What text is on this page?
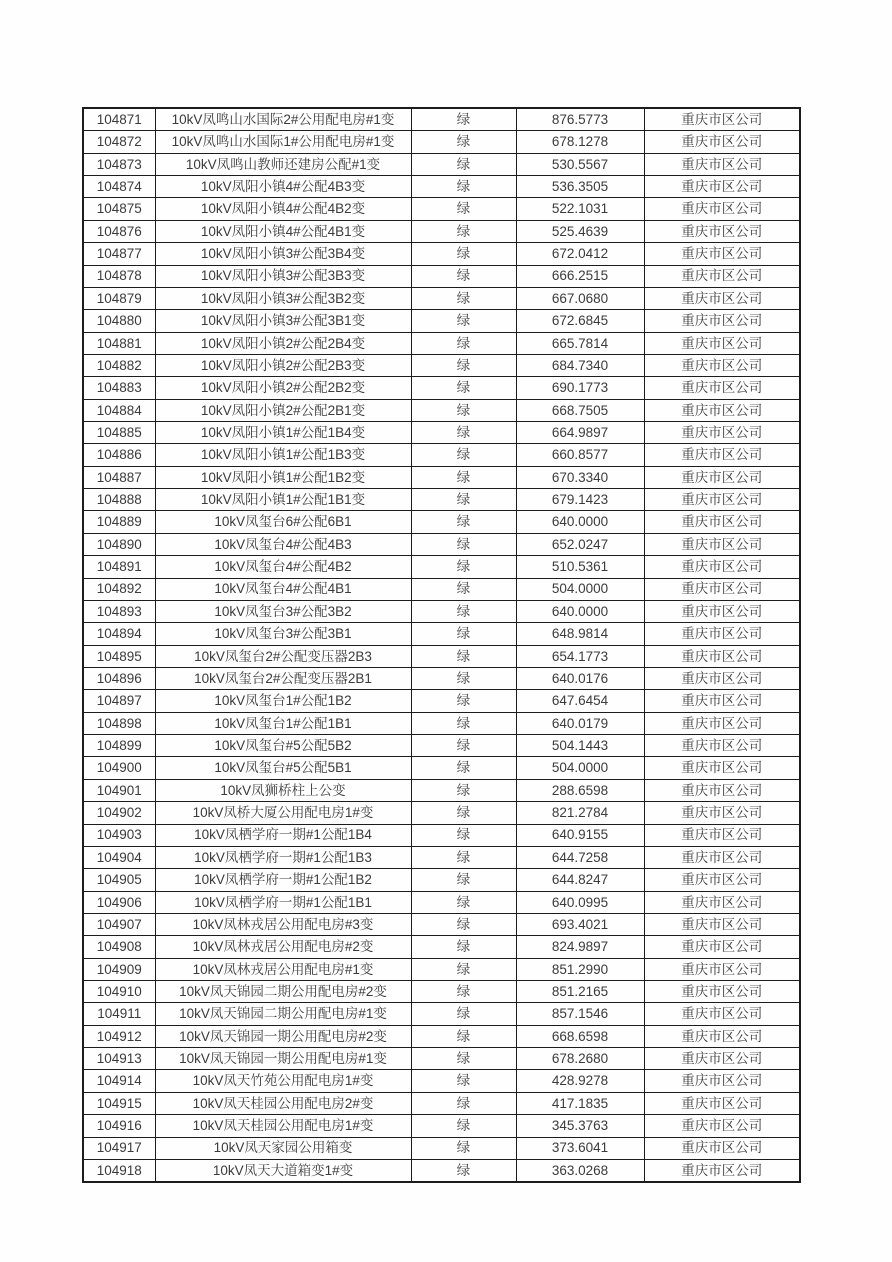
104871	10kV凤鸣山水国际2#公用配电房#1变	绿	876.5773	重庆市区公司
104872	10kV凤鸣山水国际1#公用配电房#1变	绿	678.1278	重庆市区公司
104873	10kV凤鸣山教师还建房公配#1变	绿	530.5567	重庆市区公司
104874	10kV凤阳小镇4#公配4B3变	绿	536.3505	重庆市区公司
104875	10kV凤阳小镇4#公配4B2变	绿	522.1031	重庆市区公司
104876	10kV凤阳小镇4#公配4B1变	绿	525.4639	重庆市区公司
104877	10kV凤阳小镇3#公配3B4变	绿	672.0412	重庆市区公司
104878	10kV凤阳小镇3#公配3B3变	绿	666.2515	重庆市区公司
104879	10kV凤阳小镇3#公配3B2变	绿	667.0680	重庆市区公司
104880	10kV凤阳小镇3#公配3B1变	绿	672.6845	重庆市区公司
104881	10kV凤阳小镇2#公配2B4变	绿	665.7814	重庆市区公司
104882	10kV凤阳小镇2#公配2B3变	绿	684.7340	重庆市区公司
104883	10kV凤阳小镇2#公配2B2变	绿	690.1773	重庆市区公司
104884	10kV凤阳小镇2#公配2B1变	绿	668.7505	重庆市区公司
104885	10kV凤阳小镇1#公配1B4变	绿	664.9897	重庆市区公司
104886	10kV凤阳小镇1#公配1B3变	绿	660.8577	重庆市区公司
104887	10kV凤阳小镇1#公配1B2变	绿	670.3340	重庆市区公司
104888	10kV凤阳小镇1#公配1B1变	绿	679.1423	重庆市区公司
104889	10kV凤玺台6#公配6B1	绿	640.0000	重庆市区公司
104890	10kV凤玺台4#公配4B3	绿	652.0247	重庆市区公司
104891	10kV凤玺台4#公配4B2	绿	510.5361	重庆市区公司
104892	10kV凤玺台4#公配4B1	绿	504.0000	重庆市区公司
104893	10kV凤玺台3#公配3B2	绿	640.0000	重庆市区公司
104894	10kV凤玺台3#公配3B1	绿	648.9814	重庆市区公司
104895	10kV凤玺台2#公配变压器2B3	绿	654.1773	重庆市区公司
104896	10kV凤玺台2#公配变压器2B1	绿	640.0176	重庆市区公司
104897	10kV凤玺台1#公配1B2	绿	647.6454	重庆市区公司
104898	10kV凤玺台1#公配1B1	绿	640.0179	重庆市区公司
104899	10kV凤玺台#5公配5B2	绿	504.1443	重庆市区公司
104900	10kV凤玺台#5公配5B1	绿	504.0000	重庆市区公司
104901	10kV凤狮桥柱上公变	绿	288.6598	重庆市区公司
104902	10kV凤桥大厦公用配电房1#变	绿	821.2784	重庆市区公司
104903	10kV凤栖学府一期#1公配1B4	绿	640.9155	重庆市区公司
104904	10kV凤栖学府一期#1公配1B3	绿	644.7258	重庆市区公司
104905	10kV凤栖学府一期#1公配1B2	绿	644.8247	重庆市区公司
104906	10kV凤栖学府一期#1公配1B1	绿	640.0995	重庆市区公司
104907	10kV凤林戎居公用配电房#3变	绿	693.4021	重庆市区公司
104908	10kV凤林戎居公用配电房#2变	绿	824.9897	重庆市区公司
104909	10kV凤林戎居公用配电房#1变	绿	851.2990	重庆市区公司
104910	10kV凤天锦园二期公用配电房#2变	绿	851.2165	重庆市区公司
104911	10kV凤天锦园二期公用配电房#1变	绿	857.1546	重庆市区公司
104912	10kV凤天锦园一期公用配电房#2变	绿	668.6598	重庆市区公司
104913	10kV凤天锦园一期公用配电房#1变	绿	678.2680	重庆市区公司
104914	10kV凤天竹苑公用配电房1#变	绿	428.9278	重庆市区公司
104915	10kV凤天桂园公用配电房2#变	绿	417.1835	重庆市区公司
104916	10kV凤天桂园公用配电房1#变	绿	345.3763	重庆市区公司
104917	10kV凤天家园公用箱变	绿	373.6041	重庆市区公司
104918	10kV凤天大道箱变1#变	绿	363.0268	重庆市区公司
